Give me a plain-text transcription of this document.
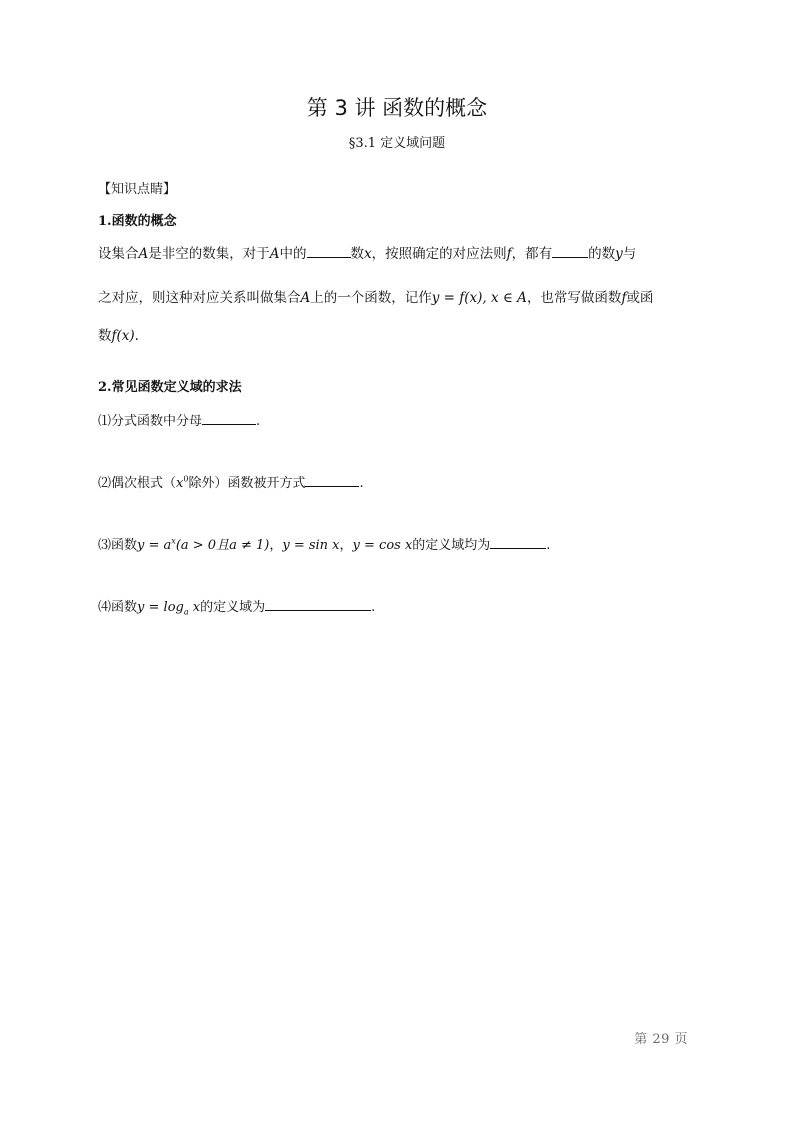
第 3 讲 函数的概念
§3.1 定义域问题
【知识点睛】
1.函数的概念
设集合A是非空的数集，对于A中的	数x，按照确定的对应法则f，都有	的数y与
之对应，则这种对应关系叫做集合A上的一个函数，记作y = f(x), x ∈ A，也常写做函数f或函
数f(x).
2.常见函数定义域的求法
⑴分式函数中分母	.
⑵偶次根式（$x^0$除外）函数被开方式	.
⑶函数$y = a^x(a > 0$且a ≠ 1)，y = sin x，y = cos x的定义域均为	.
⑷函数$y = \log_a x$的定义域为	.
第 29 页
